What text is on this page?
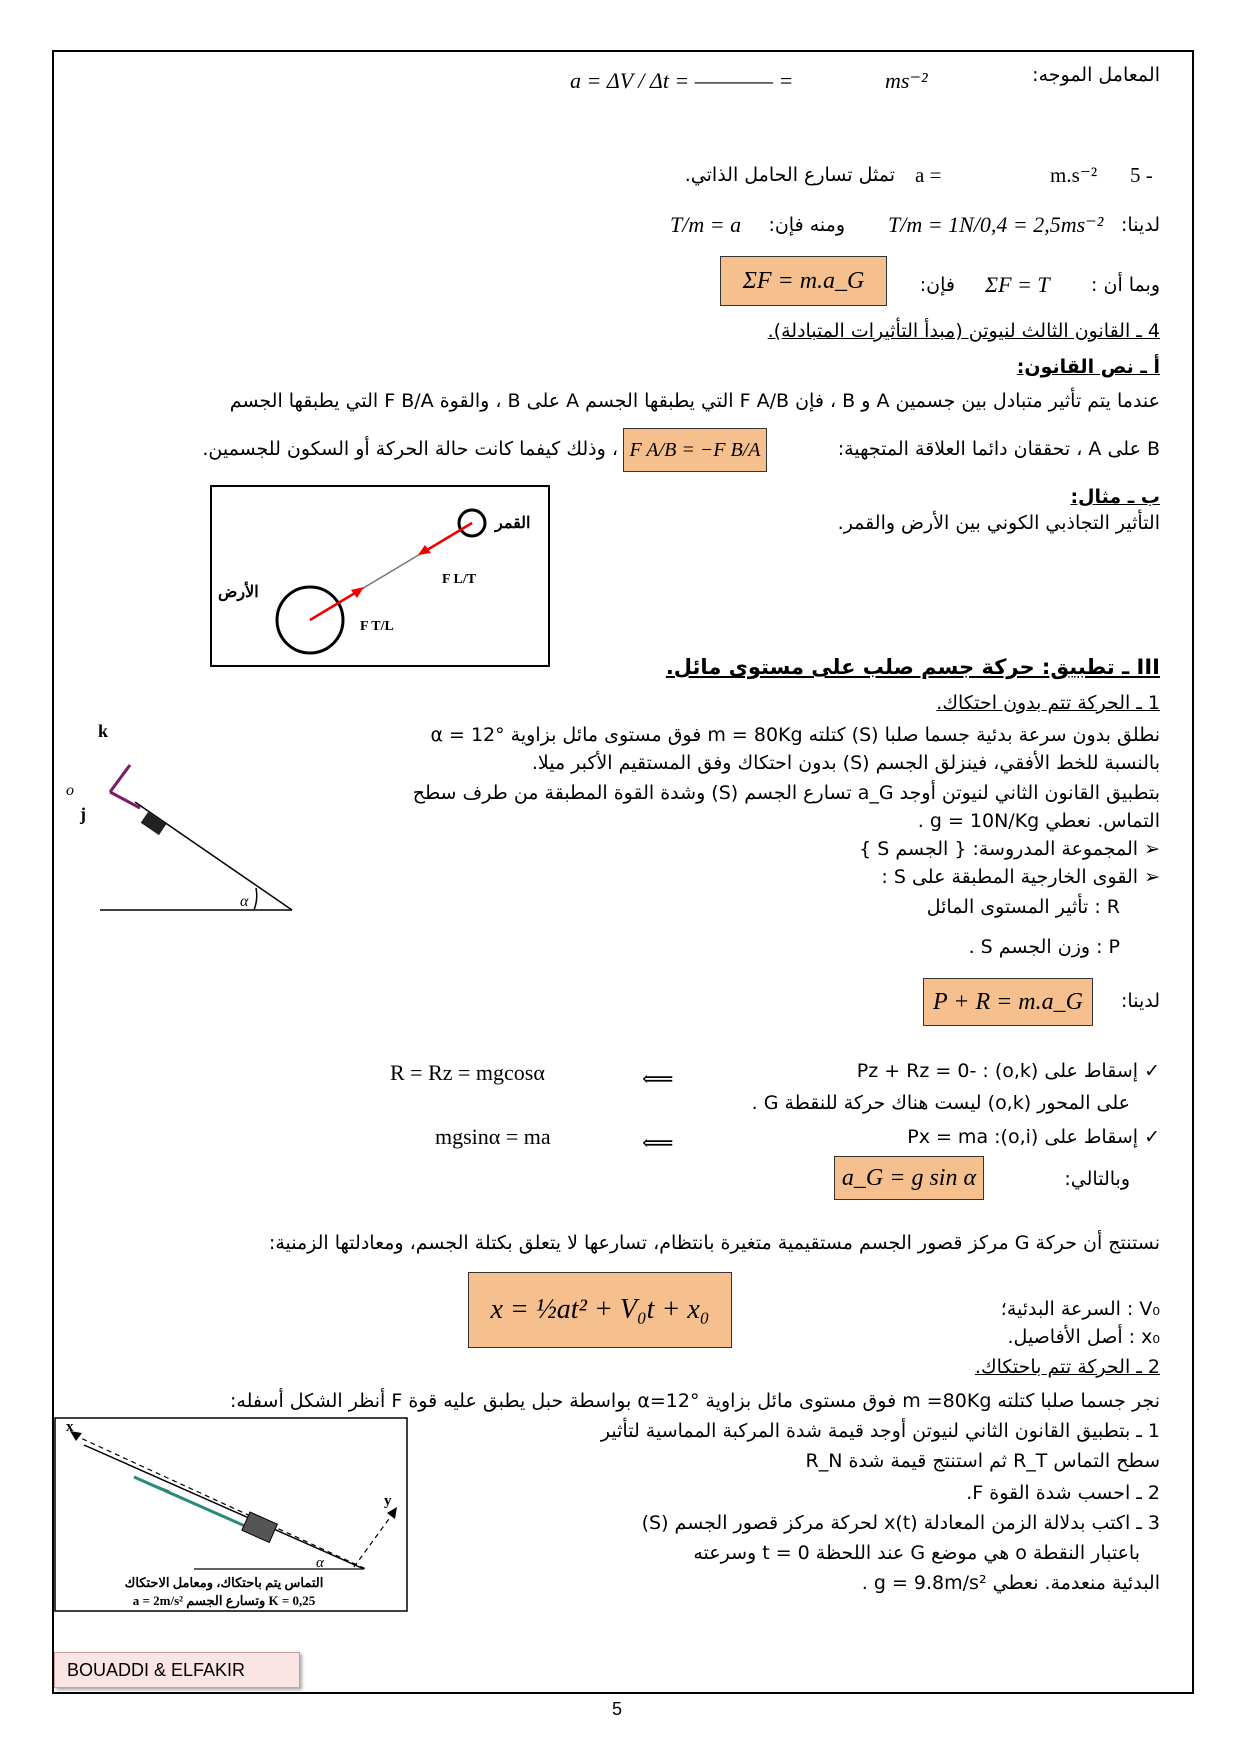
المعامل الموجه:
a = ΔV / Δt = ———— =	ms⁻²
5 -
m.s⁻²
a =
تمثل تسارع الحامل الذاتي.
لدينا:
T/m = 1N/0,4 = 2,5ms⁻²
ومنه فإن:
T/m = a
وبما أن :
ΣF = T
فإن:
ΣF = m.a_G
4 ـ القانون الثالث لنيوتن (مبدأ التأثيرات المتبادلة).
أ ـ نص القانون:
عندما يتم تأثير متبادل بين جسمين A و B ، فإن F A/B التي يطبقها الجسم A على B ، والقوة F B/A التي يطبقها الجسم
B على A ، تحققان دائما العلاقة المتجهية:
F A/B = −F B/A
، وذلك كيفما كانت حالة الحركة أو السكون للجسمين.
ب ـ مثال:
التأثير التجاذبي الكوني بين الأرض والقمر.
القمر
الأرض
F L/T
F T/L
III ـ تطبيق: حركة جسم صلب على مستوى مائل.
1 ـ الحركة تتم بدون احتكاك.
نطلق بدون سرعة بدئية جسما صلبا (S) كتلته m = 80Kg فوق مستوى مائل بزاوية α = 12°
بالنسبة للخط الأفقي، فينزلق الجسم (S) بدون احتكاك وفق المستقيم الأكبر ميلا.
بتطبيق القانون الثاني لنيوتن أوجد a_G تسارع الجسم (S) وشدة القوة المطبقة من طرف سطح
التماس. نعطي g = 10N/Kg .
➢ المجموعة المدروسة: { الجسم S }
➢ القوى الخارجية المطبقة على S :
R : تأثير المستوى المائل
P : وزن الجسم S .
لدينا:
P + R = m.a_G
✓ إسقاط على (o,k) : -Pz + Rz = 0
⟸
R = Rz = mgcosα
على المحور (o,k) ليست هناك حركة للنقطة G .
✓ إسقاط على (o,i): Px = ma
⟸
mgsinα = ma
وبالتالي:
a_G = g sin α
نستنتج أن حركة G مركز قصور الجسم مستقيمية متغيرة بانتظام، تسارعها لا يتعلق بكتلة الجسم، ومعادلتها الزمنية:
x = ½at² + V₀t + x₀	V₀ : السرعة البدئية؛
x₀ : أصل الأفاصيل.
k
j
o
α
2 ـ الحركة تتم باحتكاك.
نجر جسما صلبا كتلته m =80Kg فوق مستوى مائل بزاوية α=12° بواسطة حبل يطبق عليه قوة F أنظر الشكل أسفله:
1 ـ بتطبيق القانون الثاني لنيوتن أوجد قيمة شدة المركبة المماسية لتأثير
سطح التماس R_T ثم استنتج قيمة شدة R_N
2 ـ احسب شدة القوة F.
3 ـ اكتب بدلالة الزمن المعادلة x(t) لحركة مركز قصور الجسم (S)
باعتبار النقطة o هي موضع G عند اللحظة t = 0 وسرعته
البدئية منعدمة. نعطي g = 9.8m/s² .
x
y
α
التماس يتم باحتكاك، ومعامل الاحتكاك
a = 2m/s² وتسارع الجسم K = 0,25
BOUADDI & ELFAKIR
5
